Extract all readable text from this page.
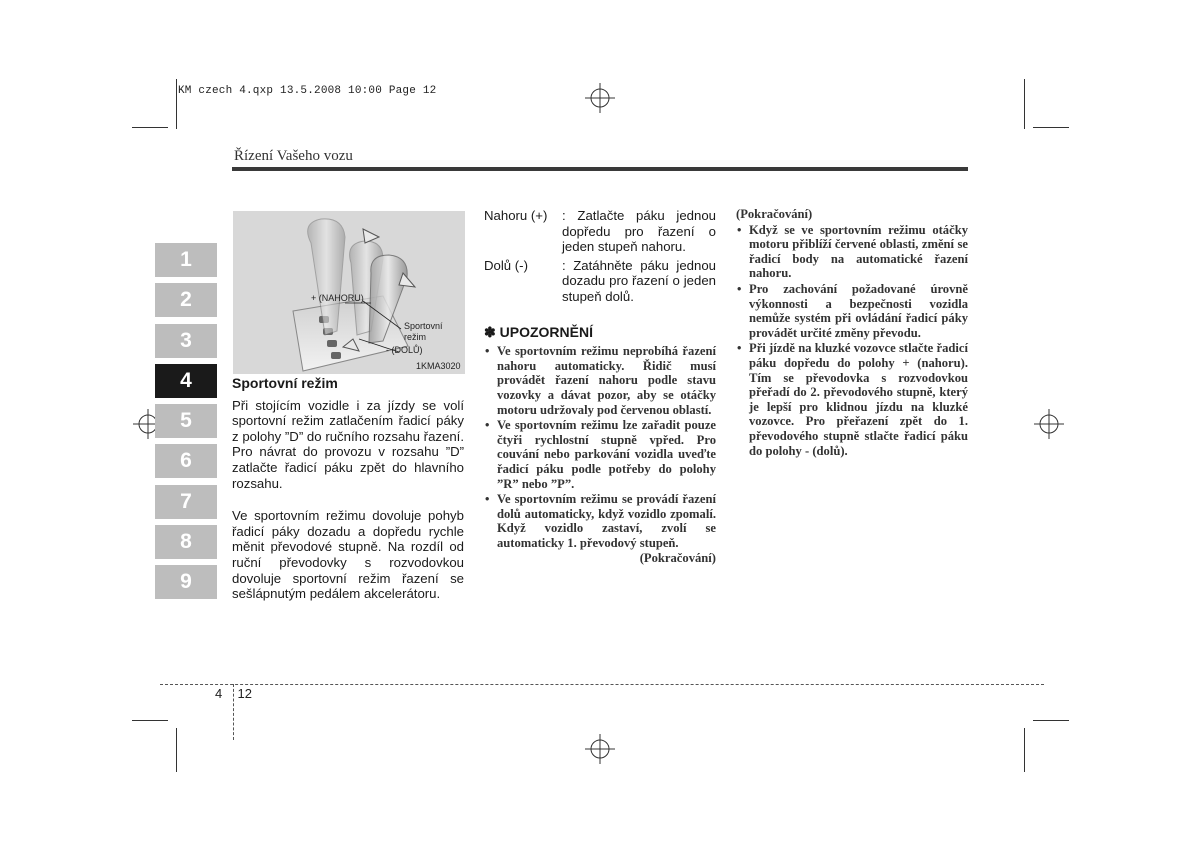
KM czech 4.qxp 13.5.2008 10:00 Page 12
Řízení Vašeho vozu
1
2
3
4
5
6
7
8
9
+ (NAHORU)
Sportovní
režim
- (DOLŮ)
1KMA3020
Sportovní režim

Při stojícím vozidle i za jízdy se volí sportovní režim zatlačením řadicí páky z polohy ”D” do ručního rozsahu řazení. Pro návrat do provozu v rozsahu ”D” zatlačte řadicí páku zpět do hlavního rozsahu.

Ve sportovním režimu dovoluje pohyb řadicí páky dozadu a dopředu rychle měnit převodové stupně. Na rozdíl od ruční převodovky s rozvodovkou dovoluje sportovní režim řazení se sešlápnutým pedálem akcelerátoru.

Nahoru (+)	: Zatlačte páku jednou dopředu pro řazení o jeden stupeň nahoru.
Dolů (-)	: Zatáhněte páku jednou dozadu pro řazení o jeden stupeň dolů.
✽ UPOZORNĚNÍ
• Ve sportovním režimu neprobíhá řazení nahoru automaticky. Řidič musí provádět řazení nahoru podle stavu vozovky a dávat pozor, aby se otáčky motoru udržovaly pod červenou oblastí.
• Ve sportovním režimu lze zařadit pouze čtyři rychlostní stupně vpřed. Pro couvání nebo parkování vozidla uveďte řadicí páku podle potřeby do polohy ”R” nebo ”P”.
• Ve sportovním režimu se provádí řazení dolů automaticky, když vozidlo zpomalí. Když vozidlo zastaví, zvolí se automaticky 1. převodový stupeň.
(Pokračování)
(Pokračování)
• Když se ve sportovním režimu otáčky motoru přiblíží červené oblasti, změní se řadicí body na automatické řazení nahoru.
• Pro zachování požadované úrovně výkonnosti a bezpečnosti vozidla nemůže systém při ovládání řadicí páky provádět určité změny převodu.
• Při jízdě na kluzké vozovce stlačte řadicí páku dopředu do polohy + (nahoru). Tím se převodovka s rozvodovkou přeřadí do 2. převodového stupně, který je lepší pro klidnou jízdu na kluzké vozovce. Pro přeřazení zpět do 1. převodového stupně stlačte řadicí páku do polohy - (dolů).
4 12
